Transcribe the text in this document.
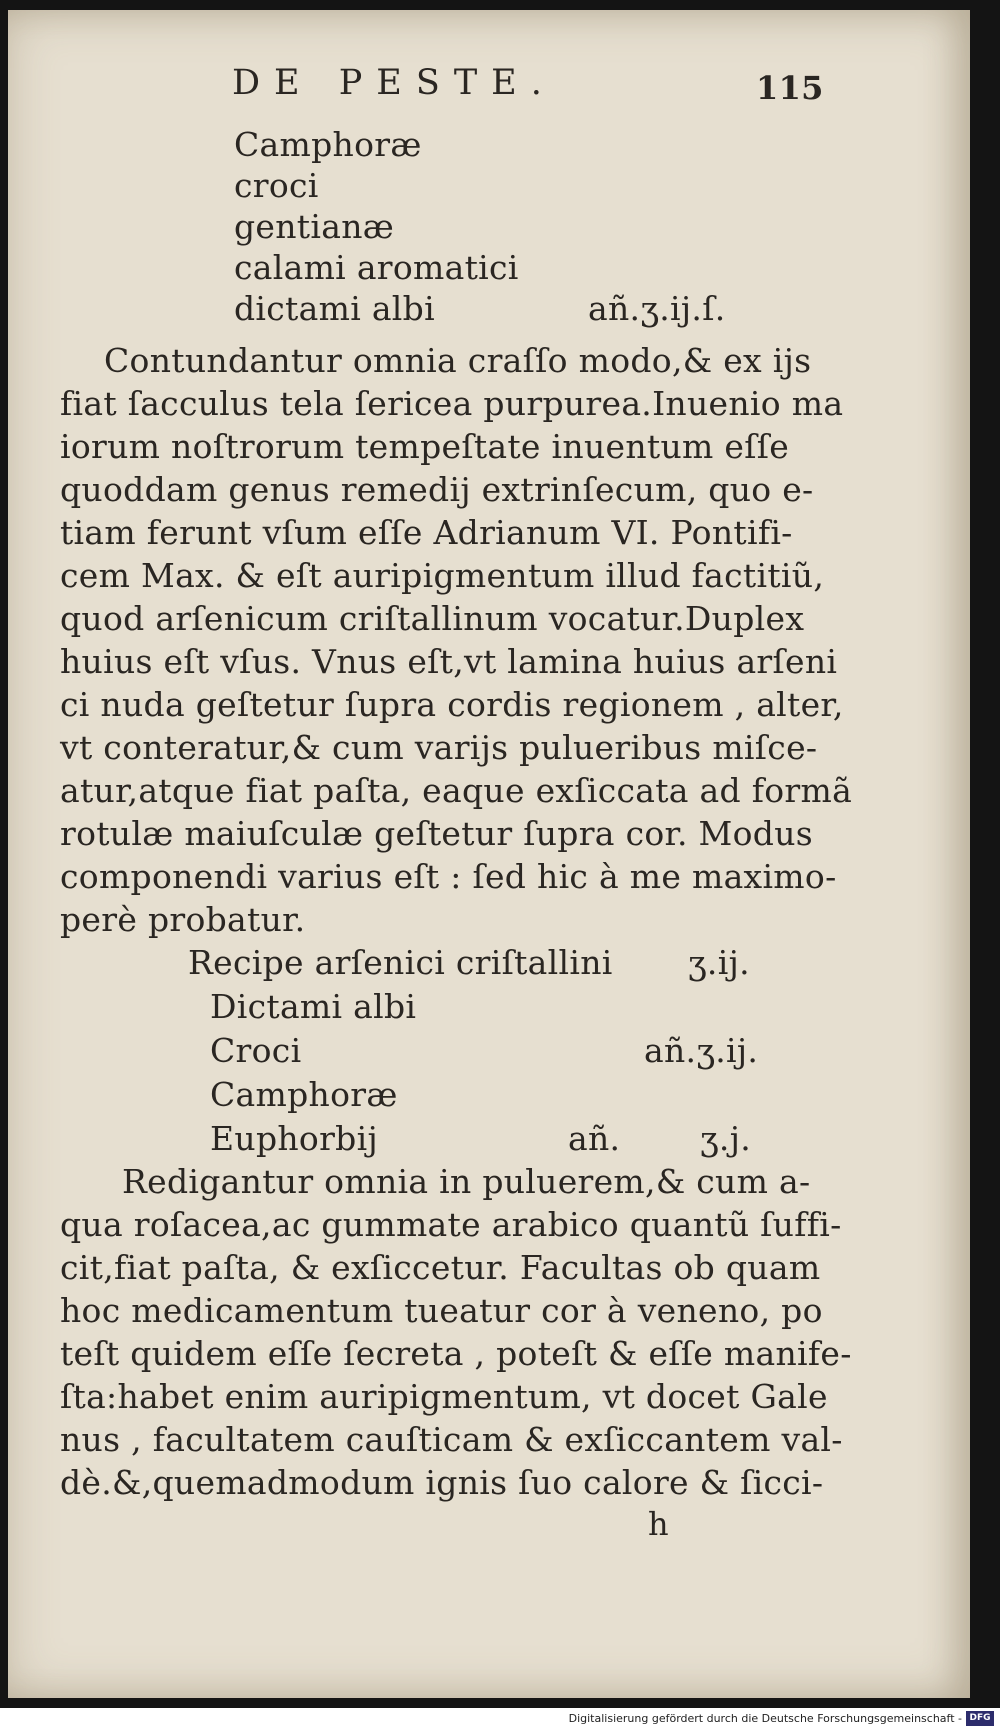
DE PESTE.	115
Camphoræ
croci
gentianæ
calami aromatici
dictami albi	añ.ʒ.ij.ſ.
Contundantur omnia craſſo modo,& ex ijs
fiat ſacculus tela ſericea purpurea.Inuenio ma
iorum noſtrorum tempeſtate inuentum eſſe
quoddam genus remedij extrinſecum, quo e-
tiam ferunt vſum eſſe Adrianum VI. Pontifi-
cem Max. & eſt auripigmentum illud factitiũ,
quod arſenicum criſtallinum vocatur.Duplex
huius eſt vſus. Vnus eſt,vt lamina huius arſeni
ci nuda geſtetur ſupra cordis regionem , alter,
vt conteratur,& cum varijs pulueribus miſce-
atur,atque fiat paſta, eaque exſiccata ad formã
rotulæ maiuſculæ geſtetur ſupra cor. Modus
componendi varius eſt : ſed hic à me maximo-
perè probatur.
Recipe arſenici criſtallini ʒ.ij.
Dictami albi
Croci	añ.ʒ.ij.
Camphoræ
Euphorbij	añ. ʒ.j.
Redigantur omnia in puluerem,& cum a-
qua roſacea,ac gummate arabico quantũ ſuffi-
cit,fiat paſta, & exſiccetur. Facultas ob quam
hoc medicamentum tueatur cor à veneno, po
teſt quidem eſſe ſecreta , poteſt & eſſe manife-
ſta:habet enim auripigmentum, vt docet Gale
nus , facultatem cauſticam & exſiccantem val-
dè.&,quemadmodum ignis ſuo calore & ſicci-
h
Digitalisierung gefördert durch die Deutsche Forschungsgemeinschaft - DFG
